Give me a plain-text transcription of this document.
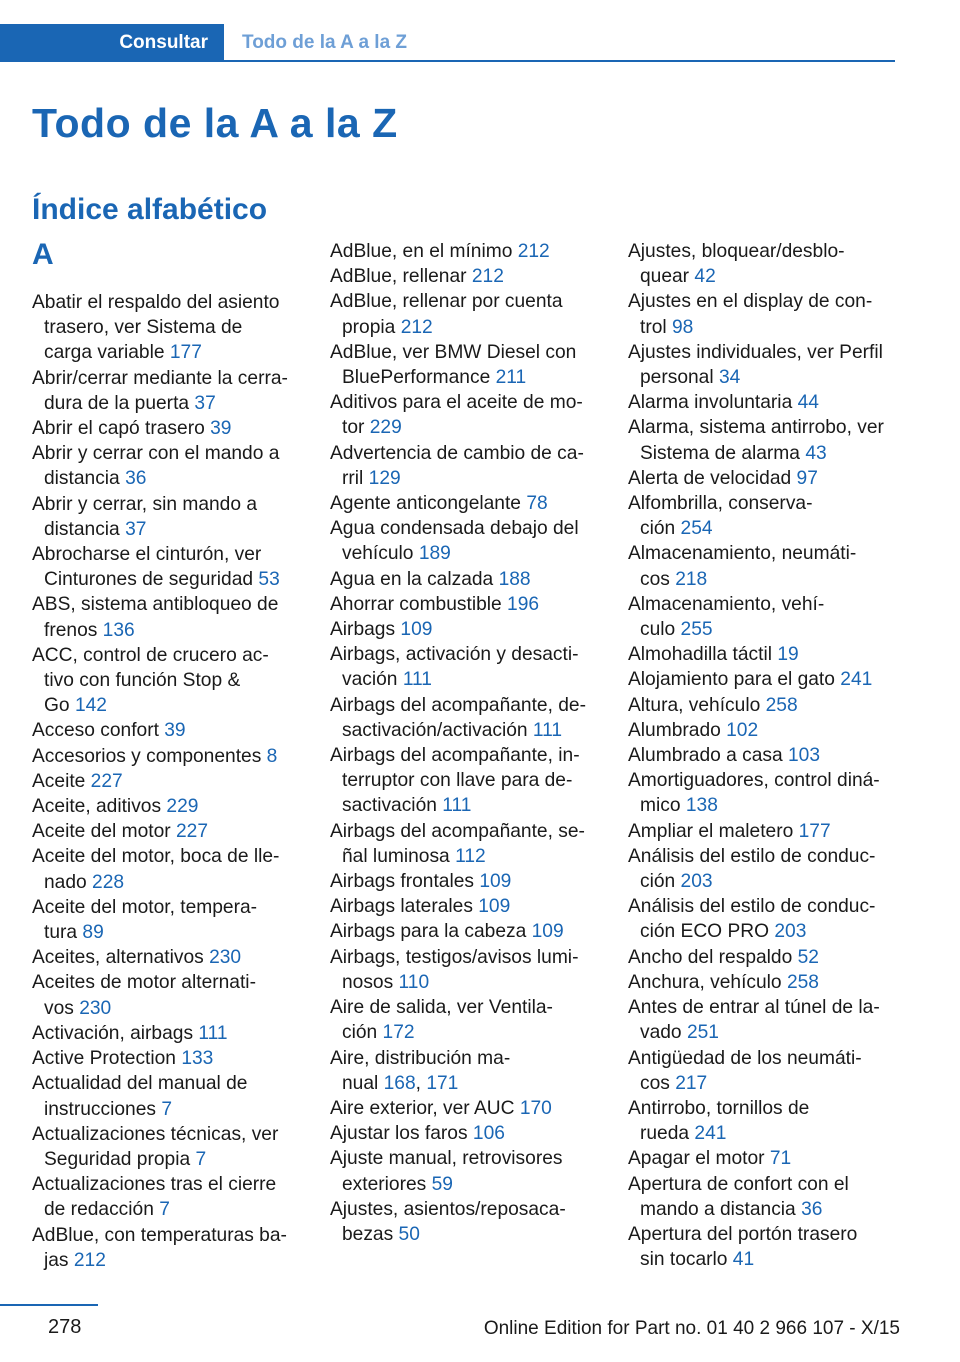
Consultar	Todo de la A a la Z
Todo de la A a la Z
Índice alfabético
A
Abatir el respaldo del asiento
trasero, ver Sistema de
carga variable 177
Abrir/cerrar mediante la cerra‐
dura de la puerta 37
Abrir el capó trasero 39
Abrir y cerrar con el mando a
distancia 36
Abrir y cerrar, sin mando a
distancia 37
Abrocharse el cinturón, ver
Cinturones de seguridad 53
ABS, sistema antibloqueo de
frenos 136
ACC, control de crucero ac‐
tivo con función Stop &
Go 142
Acceso confort 39
Accesorios y componentes 8
Aceite 227
Aceite, aditivos 229
Aceite del motor 227
Aceite del motor, boca de lle‐
nado 228
Aceite del motor, tempera‐
tura 89
Aceites, alternativos 230
Aceites de motor alternati‐
vos 230
Activación, airbags 111
Active Protection 133
Actualidad del manual de
instrucciones 7
Actualizaciones técnicas, ver
Seguridad propia 7
Actualizaciones tras el cierre
de redacción 7
AdBlue, con temperaturas ba‐
jas 212
AdBlue, en el mínimo 212
AdBlue, rellenar 212
AdBlue, rellenar por cuenta
propia 212
AdBlue, ver BMW Diesel con
BluePerformance 211
Aditivos para el aceite de mo‐
tor 229
Advertencia de cambio de ca‐
rril 129
Agente anticongelante 78
Agua condensada debajo del
vehículo 189
Agua en la calzada 188
Ahorrar combustible 196
Airbags 109
Airbags, activación y desacti‐
vación 111
Airbags del acompañante, de‐
sactivación/activación 111
Airbags del acompañante, in‐
terruptor con llave para de‐
sactivación 111
Airbags del acompañante, se‐
ñal luminosa 112
Airbags frontales 109
Airbags laterales 109
Airbags para la cabeza 109
Airbags, testigos/avisos lumi‐
nosos 110
Aire de salida, ver Ventila‐
ción 172
Aire, distribución ma‐
nual 168, 171
Aire exterior, ver AUC 170
Ajustar los faros 106
Ajuste manual, retrovisores
exteriores 59
Ajustes, asientos/reposaca‐
bezas 50
Ajustes, bloquear/desblo‐
quear 42
Ajustes en el display de con‐
trol 98
Ajustes individuales, ver Perfil
personal 34
Alarma involuntaria 44
Alarma, sistema antirrobo, ver
Sistema de alarma 43
Alerta de velocidad 97
Alfombrilla, conserva‐
ción 254
Almacenamiento, neumáti‐
cos 218
Almacenamiento, vehí‐
culo 255
Almohadilla táctil 19
Alojamiento para el gato 241
Altura, vehículo 258
Alumbrado 102
Alumbrado a casa 103
Amortiguadores, control diná‐
mico 138
Ampliar el maletero 177
Análisis del estilo de conduc‐
ción 203
Análisis del estilo de conduc‐
ción ECO PRO 203
Ancho del respaldo 52
Anchura, vehículo 258
Antes de entrar al túnel de la‐
vado 251
Antigüedad de los neumáti‐
cos 217
Antirrobo, tornillos de
rueda 241
Apagar el motor 71
Apertura de confort con el
mando a distancia 36
Apertura del portón trasero
sin tocarlo 41
278	Online Edition for Part no. 01 40 2 966 107 - X/15
